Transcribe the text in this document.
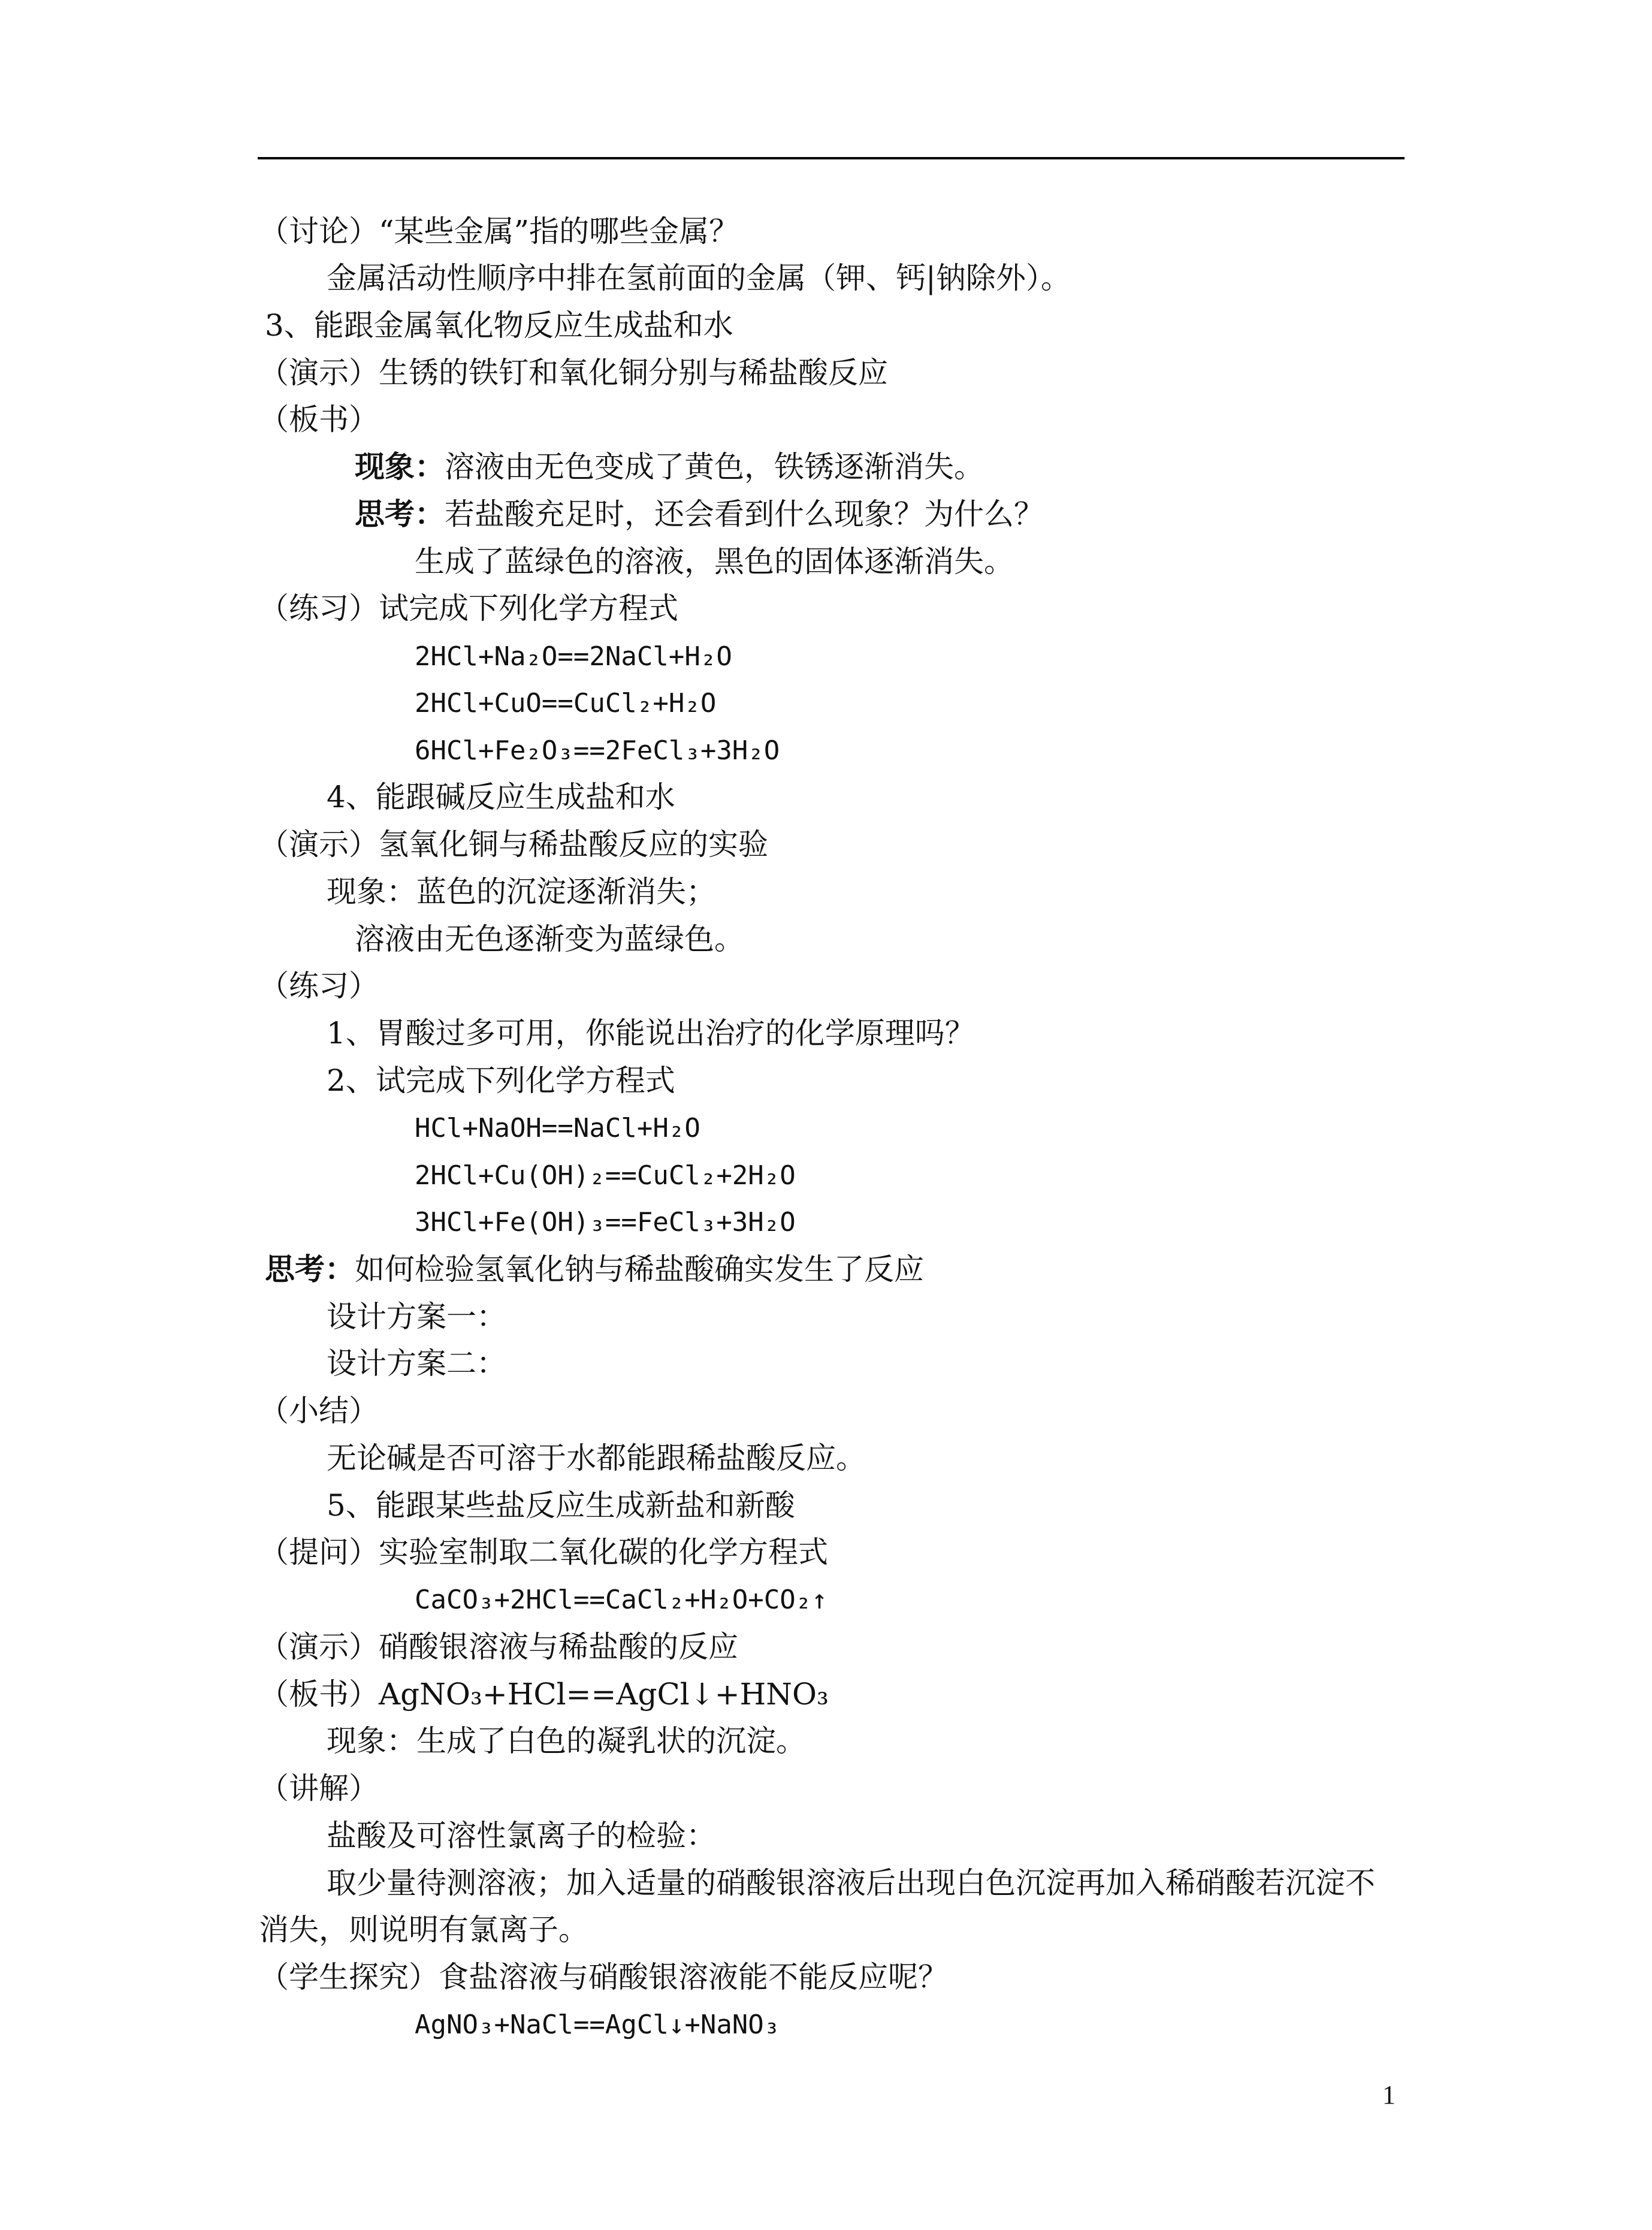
（讨论）“某些金属”指的哪些金属？
金属活动性顺序中排在氢前面的金属（钾、钙|钠除外）。
3、能跟金属氧化物反应生成盐和水
（演示）生锈的铁钉和氧化铜分别与稀盐酸反应
（板书）
现象：溶液由无色变成了黄色，铁锈逐渐消失。
思考：若盐酸充足时，还会看到什么现象？为什么？
生成了蓝绿色的溶液，黑色的固体逐渐消失。
（练习）试完成下列化学方程式
2HCl+Na₂O==2NaCl+H₂O
2HCl+CuO==CuCl₂+H₂O
6HCl+Fe₂O₃==2FeCl₃+3H₂O
4、能跟碱反应生成盐和水
（演示）氢氧化铜与稀盐酸反应的实验
现象：蓝色的沉淀逐渐消失；
溶液由无色逐渐变为蓝绿色。
（练习）
1、胃酸过多可用，你能说出治疗的化学原理吗？
2、试完成下列化学方程式
HCl+NaOH==NaCl+H₂O
2HCl+Cu(OH)₂==CuCl₂+2H₂O
3HCl+Fe(OH)₃==FeCl₃+3H₂O
思考：如何检验氢氧化钠与稀盐酸确实发生了反应
设计方案一：
设计方案二：
（小结）
无论碱是否可溶于水都能跟稀盐酸反应。
5、能跟某些盐反应生成新盐和新酸
（提问）实验室制取二氧化碳的化学方程式
CaCO₃+2HCl==CaCl₂+H₂O+CO₂↑
（演示）硝酸银溶液与稀盐酸的反应
（板书）AgNO₃+HCl==AgCl↓+HNO₃
现象：生成了白色的凝乳状的沉淀。
（讲解）
盐酸及可溶性氯离子的检验：
取少量待测溶液；加入适量的硝酸银溶液后出现白色沉淀再加入稀硝酸若沉淀不
消失，则说明有氯离子。
（学生探究）食盐溶液与硝酸银溶液能不能反应呢？
AgNO₃+NaCl==AgCl↓+NaNO₃
1
